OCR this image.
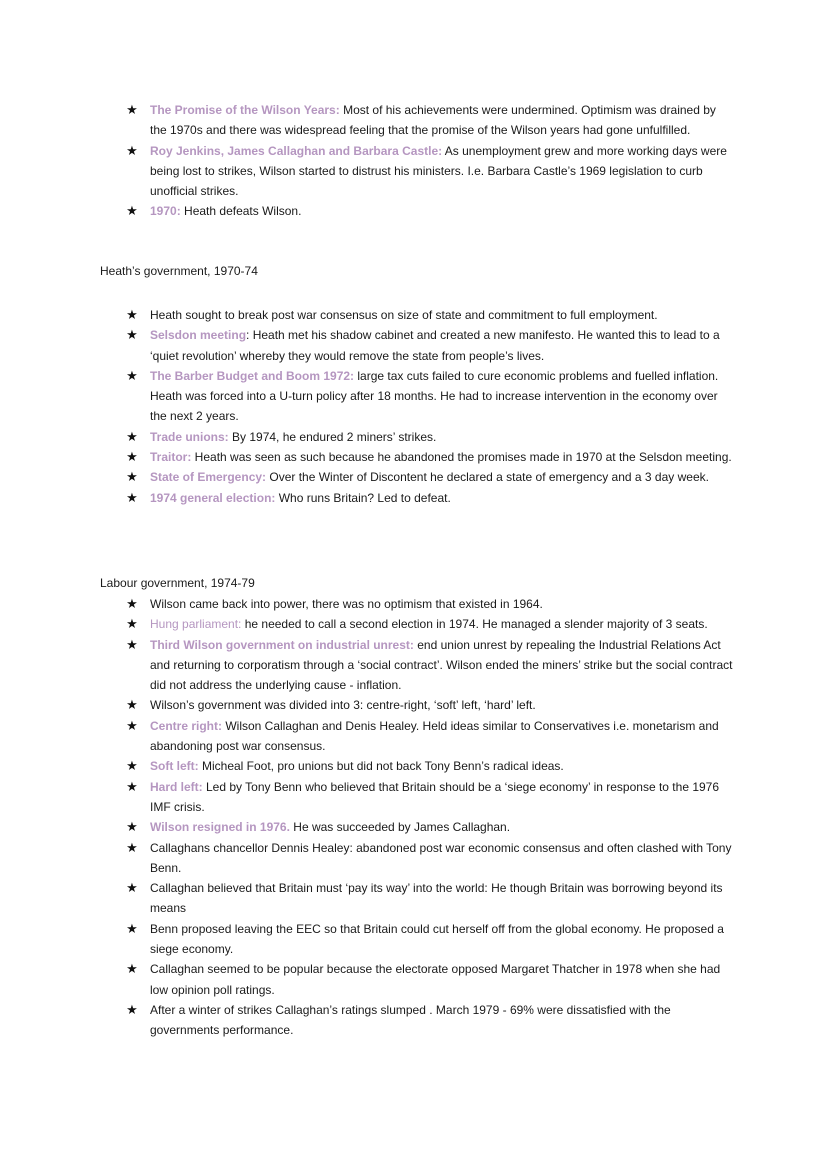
★ The Promise of the Wilson Years: Most of his achievements were undermined. Optimism was drained by the 1970s and there was widespread feeling that the promise of the Wilson years had gone unfulfilled.
★ Roy Jenkins, James Callaghan and Barbara Castle: As unemployment grew and more working days were being lost to strikes, Wilson started to distrust his ministers. I.e. Barbara Castle’s 1969 legislation to curb unofficial strikes.
★ 1970: Heath defeats Wilson.
Heath’s government, 1970-74
★ Heath sought to break post war consensus on size of state and commitment to full employment.
★ Selsdon meeting: Heath met his shadow cabinet and created a new manifesto. He wanted this to lead to a ‘quiet revolution’ whereby they would remove the state from people’s lives.
★ The Barber Budget and Boom 1972: large tax cuts failed to cure economic problems and fuelled inflation. Heath was forced into a U-turn policy after 18 months. He had to increase intervention in the economy over the next 2 years.
★ Trade unions: By 1974, he endured 2 miners’ strikes.
★ Traitor: Heath was seen as such because he abandoned the promises made in 1970 at the Selsdon meeting.
★ State of Emergency: Over the Winter of Discontent he declared a state of emergency and a 3 day week.
★ 1974 general election: Who runs Britain? Led to defeat.
Labour government, 1974-79
★ Wilson came back into power, there was no optimism that existed in 1964.
★ Hung parliament: he needed to call a second election in 1974. He managed a slender majority of 3 seats.
★ Third Wilson government on industrial unrest: end union unrest by repealing the Industrial Relations Act and returning to corporatism through a ‘social contract’. Wilson ended the miners’ strike but the social contract did not address the underlying cause - inflation.
★ Wilson’s government was divided into 3: centre-right, ‘soft’ left, ‘hard’ left.
★ Centre right: Wilson Callaghan and Denis Healey. Held ideas similar to Conservatives i.e. monetarism and abandoning post war consensus.
★ Soft left: Micheal Foot, pro unions but did not back Tony Benn’s radical ideas.
★ Hard left: Led by Tony Benn who believed that Britain should be a ‘siege economy’ in response to the 1976 IMF crisis.
★ Wilson resigned in 1976. He was succeeded by James Callaghan.
★ Callaghans chancellor Dennis Healey: abandoned post war economic consensus and often clashed with Tony Benn.
★ Callaghan believed that Britain must ‘pay its way’ into the world: He though Britain was borrowing beyond its means
★ Benn proposed leaving the EEC so that Britain could cut herself off from the global economy. He proposed a siege economy.
★ Callaghan seemed to be popular because the electorate opposed Margaret Thatcher in 1978 when she had low opinion poll ratings.
★ After a winter of strikes Callaghan’s ratings slumped . March 1979 - 69% were dissatisfied with the governments performance.
